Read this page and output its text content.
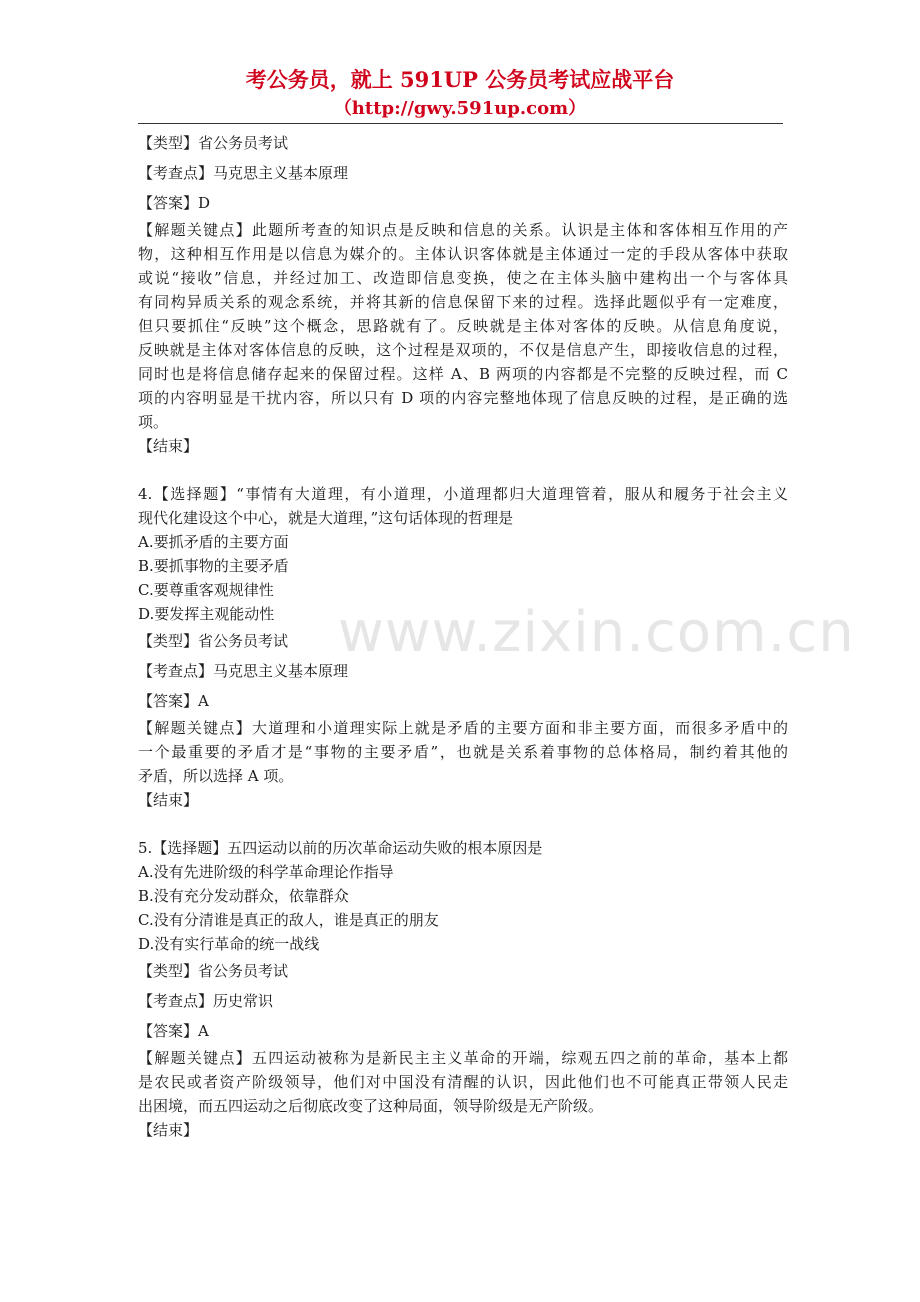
考公务员，就上 591UP 公务员考试应战平台
（http://gwy.591up.com）

【类型】省公务员考试

【考查点】马克思主义基本原理

【答案】D

【解题关键点】此题所考查的知识点是反映和信息的关系。认识是主体和客体相互作用的产

物，这种相互作用是以信息为媒介的。主体认识客体就是主体通过一定的手段从客体中获取

或说“接收”信息，并经过加工、改造即信息变换，使之在主体头脑中建构出一个与客体具

有同构异质关系的观念系统，并将其新的信息保留下来的过程。选择此题似乎有一定难度，

但只要抓住“反映”这个概念，思路就有了。反映就是主体对客体的反映。从信息角度说，

反映就是主体对客体信息的反映，这个过程是双项的，不仅是信息产生，即接收信息的过程，

同时也是将信息储存起来的保留过程。这样 A、B 两项的内容都是不完整的反映过程，而 C

项的内容明显是干扰内容，所以只有 D 项的内容完整地体现了信息反映的过程，是正确的选

项。

【结束】

4.【选择题】“事情有大道理，有小道理，小道理都归大道理管着，服从和履务于社会主义

现代化建设这个中心，就是大道理，”这句话体现的哲理是

A.要抓矛盾的主要方面

B.要抓事物的主要矛盾

C.要尊重客观规律性

D.要发挥主观能动性

【类型】省公务员考试

【考查点】马克思主义基本原理

【答案】A

【解题关键点】大道理和小道理实际上就是矛盾的主要方面和非主要方面，而很多矛盾中的

一个最重要的矛盾才是“事物的主要矛盾”，也就是关系着事物的总体格局，制约着其他的

矛盾，所以选择 A 项。

【结束】

5.【选择题】五四运动以前的历次革命运动失败的根本原因是

A.没有先进阶级的科学革命理论作指导

B.没有充分发动群众，依靠群众

C.没有分清谁是真正的敌人，谁是真正的朋友

D.没有实行革命的统一战线

【类型】省公务员考试

【考查点】历史常识

【答案】A

【解题关键点】五四运动被称为是新民主主义革命的开端，综观五四之前的革命，基本上都

是农民或者资产阶级领导，他们对中国没有清醒的认识，因此他们也不可能真正带领人民走

出困境，而五四运动之后彻底改变了这种局面，领导阶级是无产阶级。

【结束】

www.zixin.com.cn
